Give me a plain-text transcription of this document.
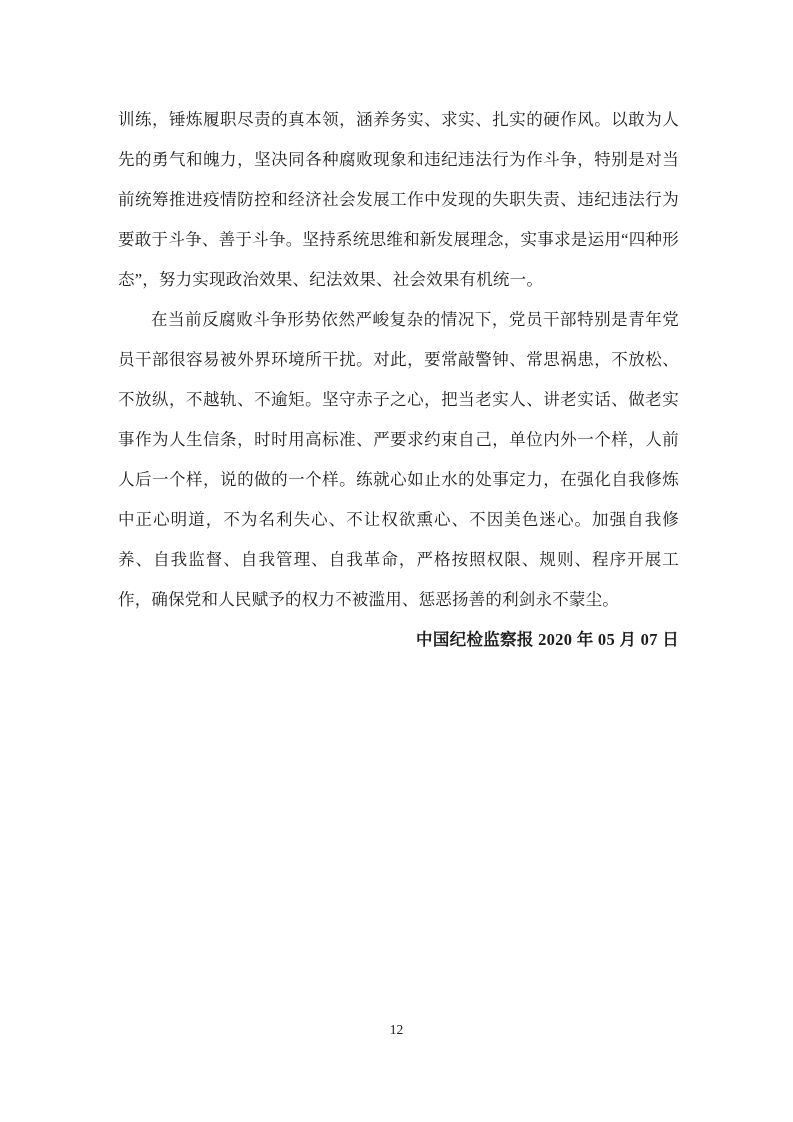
训练，锤炼履职尽责的真本领，涵养务实、求实、扎实的硬作风。以敢为人先的勇气和魄力，坚决同各种腐败现象和违纪违法行为作斗争，特别是对当前统筹推进疫情防控和经济社会发展工作中发现的失职失责、违纪违法行为要敢于斗争、善于斗争。坚持系统思维和新发展理念，实事求是运用“四种形态”，努力实现政治效果、纪法效果、社会效果有机统一。

在当前反腐败斗争形势依然严峻复杂的情况下，党员干部特别是青年党员干部很容易被外界环境所干扰。对此，要常敲警钟、常思祸患，不放松、不放纵，不越轨、不逾矩。坚守赤子之心，把当老实人、讲老实话、做老实事作为人生信条，时时用高标准、严要求约束自己，单位内外一个样，人前人后一个样，说的做的一个样。练就心如止水的处事定力，在强化自我修炼中正心明道，不为名利失心、不让权欲熏心、不因美色迷心。加强自我修养、自我监督、自我管理、自我革命，严格按照权限、规则、程序开展工作，确保党和人民赋予的权力不被滥用、惩恶扬善的利剑永不蒙尘。

中国纪检监察报 2020 年 05 月 07 日

12
